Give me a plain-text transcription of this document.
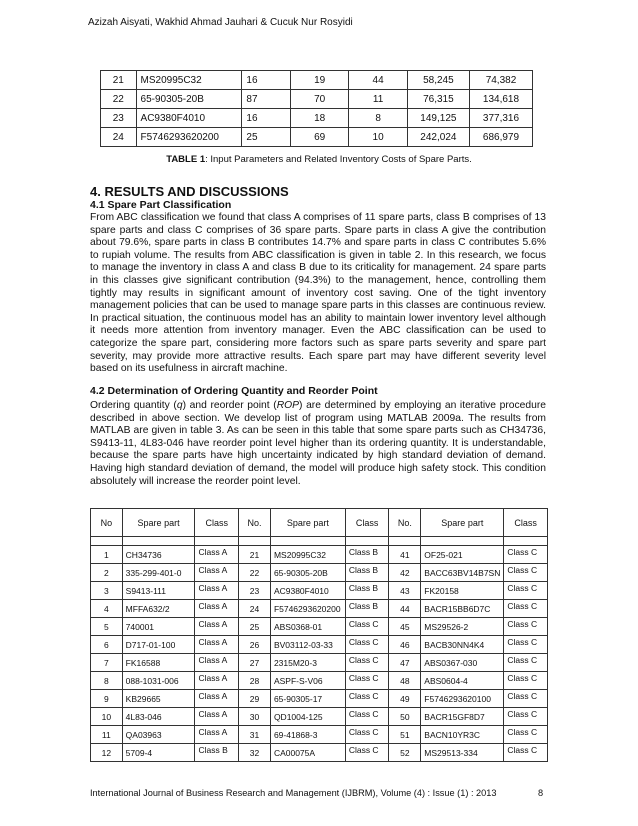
Azizah Aisyati, Wakhid Ahmad Jauhari & Cucuk Nur Rosyidi
21	MS20995C32	16	19	44	58,245	74,382
22	65-90305-20B	87	70	11	76,315	134,618
23	AC9380F4010	16	18	8	149,125	377,316
24	F5746293620200	25	69	10	242,024	686,979
TABLE 1: Input Parameters and Related Inventory Costs of Spare Parts.
4. RESULTS AND DISCUSSIONS
4.1 Spare Part Classification

From ABC classification we found that class A comprises of 11 spare parts, class B comprises of 13 spare parts and class C comprises of 36 spare parts. Spare parts in class A give the contribution about 79.6%, spare parts in class B contributes 14.7% and spare parts in class C contributes 5.6% to rupiah volume. The results from ABC classification is given in table 2. In this research, we focus to manage the inventory in class A and class B due to its criticality for management. 24 spare parts in this classes give significant contribution (94.3%) to the management, hence, controlling them tightly may results in significant amount of inventory cost saving. One of the tight inventory management policies that can be used to manage spare parts in this classes are continuous review. In practical situation, the continuous model has an ability to maintain lower inventory level although it needs more attention from inventory manager. Even the ABC classification can be used to categorize the spare part, considering more factors such as spare parts severity and spare part severity, may provide more attractive results. Each spare part may have different severity level based on its usefulness in aircraft machine.

4.2 Determination of Ordering Quantity and Reorder Point

Ordering quantity (q) and reorder point (ROP) are determined by employing an iterative procedure described in above section. We develop list of program using MATLAB 2009a. The results from MATLAB are given in table 3. As can be seen in this table that some spare parts such as CH34736, S9413-11, 4L83-046 have reorder point level higher than its ordering quantity. It is understandable, because the spare parts have high uncertainty indicated by high standard deviation of demand. Having high standard deviation of demand, the model will produce high safety stock. This condition absolutely will increase the reorder point level.

No	Spare part	Class	No.	Spare part	Class	No.	Spare part	Class

1	CH34736	Class A	21	MS20995C32	Class B	41	OF25-021	Class C
2	335-299-401-0	Class A	22	65-90305-20B	Class B	42	BACC63BV14B7SN	Class C
3	S9413-111	Class A	23	AC9380F4010	Class B	43	FK20158	Class C
4	MFFA632/2	Class A	24	F5746293620200	Class B	44	BACR15BB6D7C	Class C
5	740001	Class A	25	ABS0368-01	Class C	45	MS29526-2	Class C
6	D717-01-100	Class A	26	BV03112-03-33	Class C	46	BACB30NN4K4	Class C
7	FK16588	Class A	27	2315M20-3	Class C	47	ABS0367-030	Class C
8	088-1031-006	Class A	28	ASPF-S-V06	Class C	48	ABS0604-4	Class C
9	KB29665	Class A	29	65-90305-17	Class C	49	F5746293620100	Class C
10	4L83-046	Class A	30	QD1004-125	Class C	50	BACR15GF8D7	Class C
11	QA03963	Class A	31	69-41868-3	Class C	51	BACN10YR3C	Class C
12	5709-4	Class B	32	CA00075A	Class C	52	MS29513-334	Class C
International Journal of Business Research and Management (IJBRM), Volume (4) : Issue (1) : 2013	8
